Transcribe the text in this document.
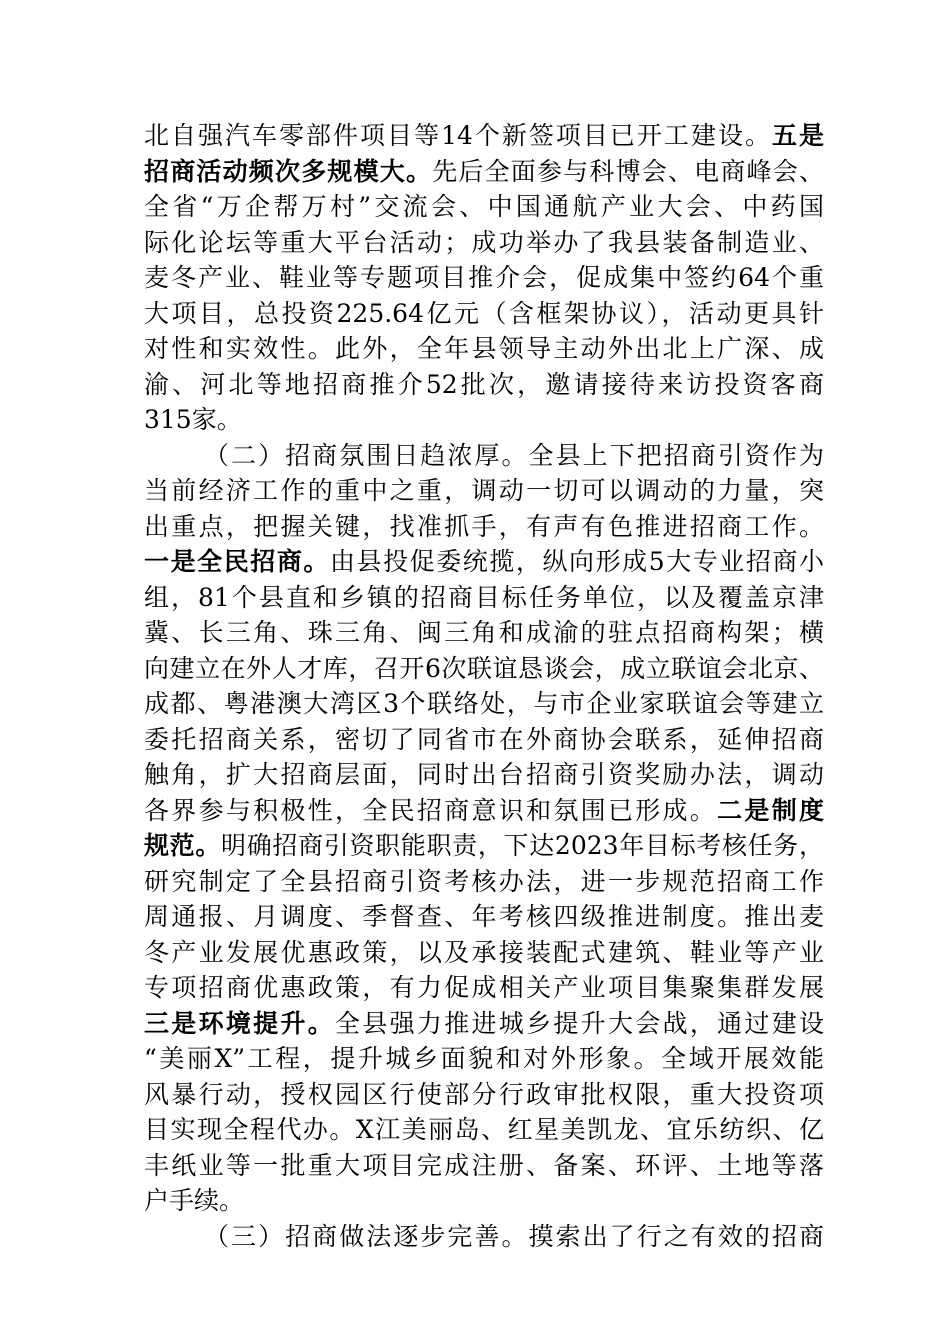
北自强汽车零部件项目等14个新签项目已开工建设。五是
招商活动频次多规模大。先后全面参与科博会、电商峰会、
全省“万企帮万村”交流会、中国通航产业大会、中药国
际化论坛等重大平台活动；成功举办了我县装备制造业、
麦冬产业、鞋业等专题项目推介会，促成集中签约64个重
大项目，总投资225.64亿元（含框架协议），活动更具针
对性和实效性。此外，全年县领导主动外出北上广深、成
渝、河北等地招商推介52批次，邀请接待来访投资客商
315家。
（二）招商氛围日趋浓厚。全县上下把招商引资作为
当前经济工作的重中之重，调动一切可以调动的力量，突
出重点，把握关键，找准抓手，有声有色推进招商工作。
一是全民招商。由县投促委统揽，纵向形成5大专业招商小
组，81个县直和乡镇的招商目标任务单位，以及覆盖京津
冀、长三角、珠三角、闽三角和成渝的驻点招商构架；横
向建立在外人才库，召开6次联谊恳谈会，成立联谊会北京、
成都、粤港澳大湾区3个联络处，与市企业家联谊会等建立
委托招商关系，密切了同省市在外商协会联系，延伸招商
触角，扩大招商层面，同时出台招商引资奖励办法，调动
各界参与积极性，全民招商意识和氛围已形成。二是制度
规范。明确招商引资职能职责，下达2023年目标考核任务，
研究制定了全县招商引资考核办法，进一步规范招商工作
周通报、月调度、季督查、年考核四级推进制度。推出麦
冬产业发展优惠政策，以及承接装配式建筑、鞋业等产业
专项招商优惠政策，有力促成相关产业项目集聚集群发展
三是环境提升。全县强力推进城乡提升大会战，通过建设
“美丽X”工程，提升城乡面貌和对外形象。全域开展效能
风暴行动，授权园区行使部分行政审批权限，重大投资项
目实现全程代办。X江美丽岛、红星美凯龙、宜乐纺织、亿
丰纸业等一批重大项目完成注册、备案、环评、土地等落
户手续。
（三）招商做法逐步完善。摸索出了行之有效的招商
